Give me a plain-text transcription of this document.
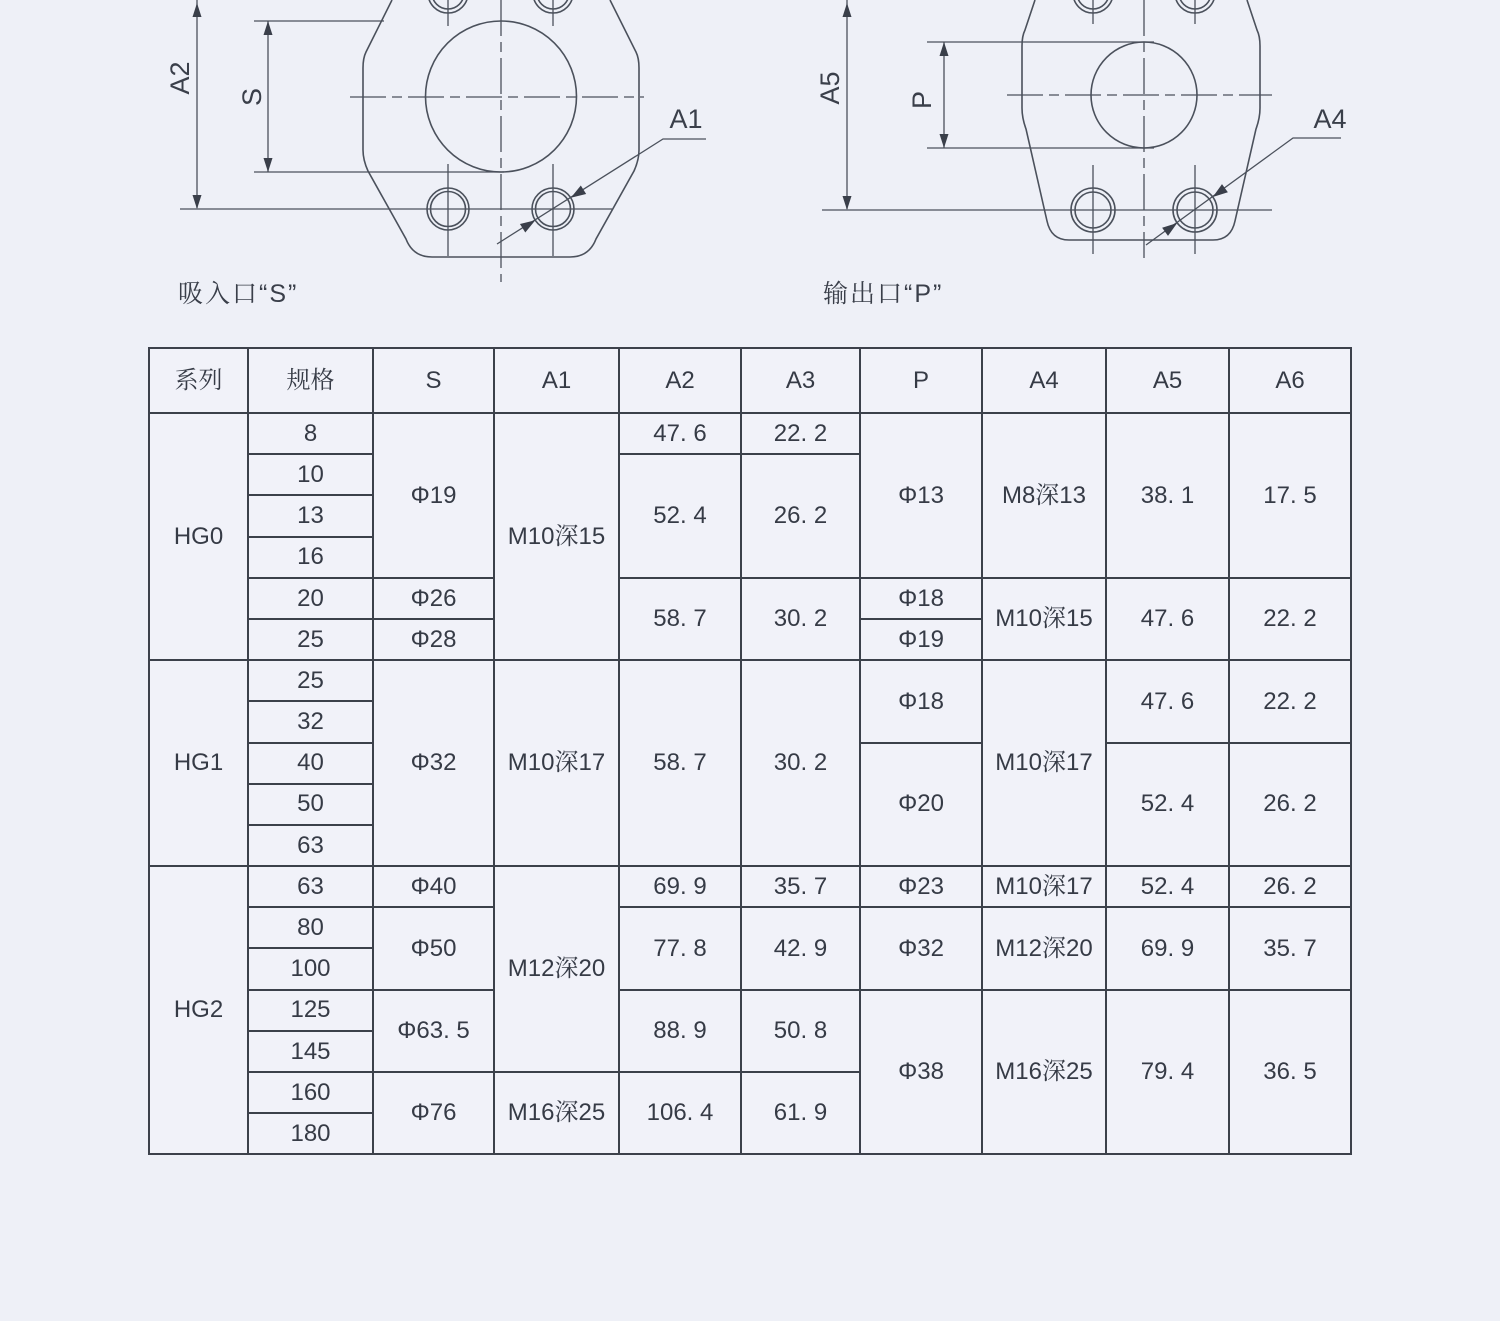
A2
S
A1
A5 P
A4
吸入口“S”	输出口“P”
系列	规格	S	A1	A2	A3	P	A4	A5	A6
HG0	8	Φ19	M10深15	47. 6	22. 2	Φ13	M8深13	38. 1	17. 5
	10			52. 4	26. 2				
	13								
	16								
	20	Φ26		58. 7	30. 2	Φ18	M10深15	47. 6	22. 2
	25	Φ28				Φ19			
HG1	25	Φ32	M10深17	58. 7	30. 2	Φ18	M10深17	47. 6	22. 2
	32								
	40					Φ20		52. 4	26. 2
	50								
	63								
HG2	63	Φ40	M12深20	69. 9	35. 7	Φ23	M10深17	52. 4	26. 2
	80	Φ50		77. 8	42. 9	Φ32	M12深20	69. 9	35. 7
	100								
	125	Φ63. 5		88. 9	50. 8	Φ38	M16深25	79. 4	36. 5
	145								
	160	Φ76	M16深25	106. 4	61. 9				
	180								
